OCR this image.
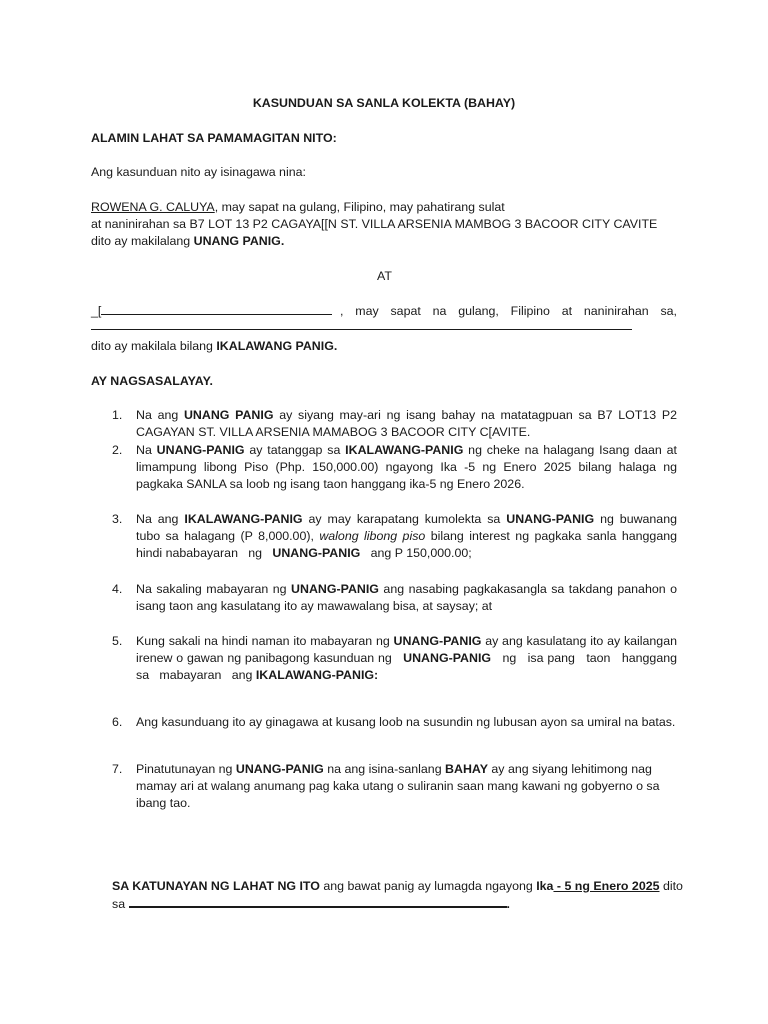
KASUNDUAN SA SANLA KOLEKTA (BAHAY)
ALAMIN LAHAT SA PAMAMAGITAN NITO:
Ang kasunduan nito ay isinagawa nina:
ROWENA G. CALUYA, may sapat na gulang, Filipino, may pahatirang sulat
at naninirahan sa B7 LOT 13 P2 CAGAYA[[N ST. VILLA ARSENIA MAMBOG 3 BACOOR CITY CAVITE
dito ay makilalang UNANG PANIG.
AT
_[	, may sapat na gulang, Filipino at naninirahan sa,
dito ay makilala bilang IKALAWANG PANIG.
AY NAGSASALAYAY.
1. Na ang UNANG PANIG ay siyang may-ari ng isang bahay na matatagpuan sa B7 LOT13 P2
CAGAYAN ST. VILLA ARSENIA MAMABOG 3 BACOOR CITY C[AVITE.
2. Na UNANG-PANIG ay tatanggap sa IKALAWANG-PANIG ng cheke na halagang Isang daan at
limampung libong Piso (Php. 150,000.00) ngayong Ika -5 ng Enero 2025 bilang halaga ng
pagkaka SANLA sa loob ng isang taon hanggang ika-5 ng Enero 2026.
3. Na ang IKALAWANG-PANIG ay may karapatang kumolekta sa UNANG-PANIG ng buwanang
tubo sa halagang (P 8,000.00), walong libong piso bilang interest ng pagkaka sanla hanggang
hindi nababayaran   ng   UNANG-PANIG   ang P 150,000.00;
4. Na sakaling mabayaran ng UNANG-PANIG ang nasabing pagkakasangla sa takdang panahon o
isang taon ang kasulatang ito ay mawawalang bisa, at saysay; at
5. Kung sakali na hindi naman ito mabayaran ng UNANG-PANIG ay ang kasulatang ito ay kailangan
irenew o gawan ng panibagong kasunduan ng   UNANG-PANIG   ng   isa pang   taon   hanggang
sa   mabayaran   ang IKALAWANG-PANIG:
6. Ang kasunduang ito ay ginagawa at kusang loob na susundin ng lubusan ayon sa umiral na batas.
7. Pinatutunayan ng UNANG-PANIG na ang isina-sanlang BAHAY ay ang siyang lehitimong nag
mamay ari at walang anumang pag kaka utang o suliranin saan mang kawani ng gobyerno o sa
ibang tao.
SA KATUNAYAN NG LAHAT NG ITO ang bawat panig ay lumagda ngayong Ika - 5 ng Enero 2025 dito
sa	.
